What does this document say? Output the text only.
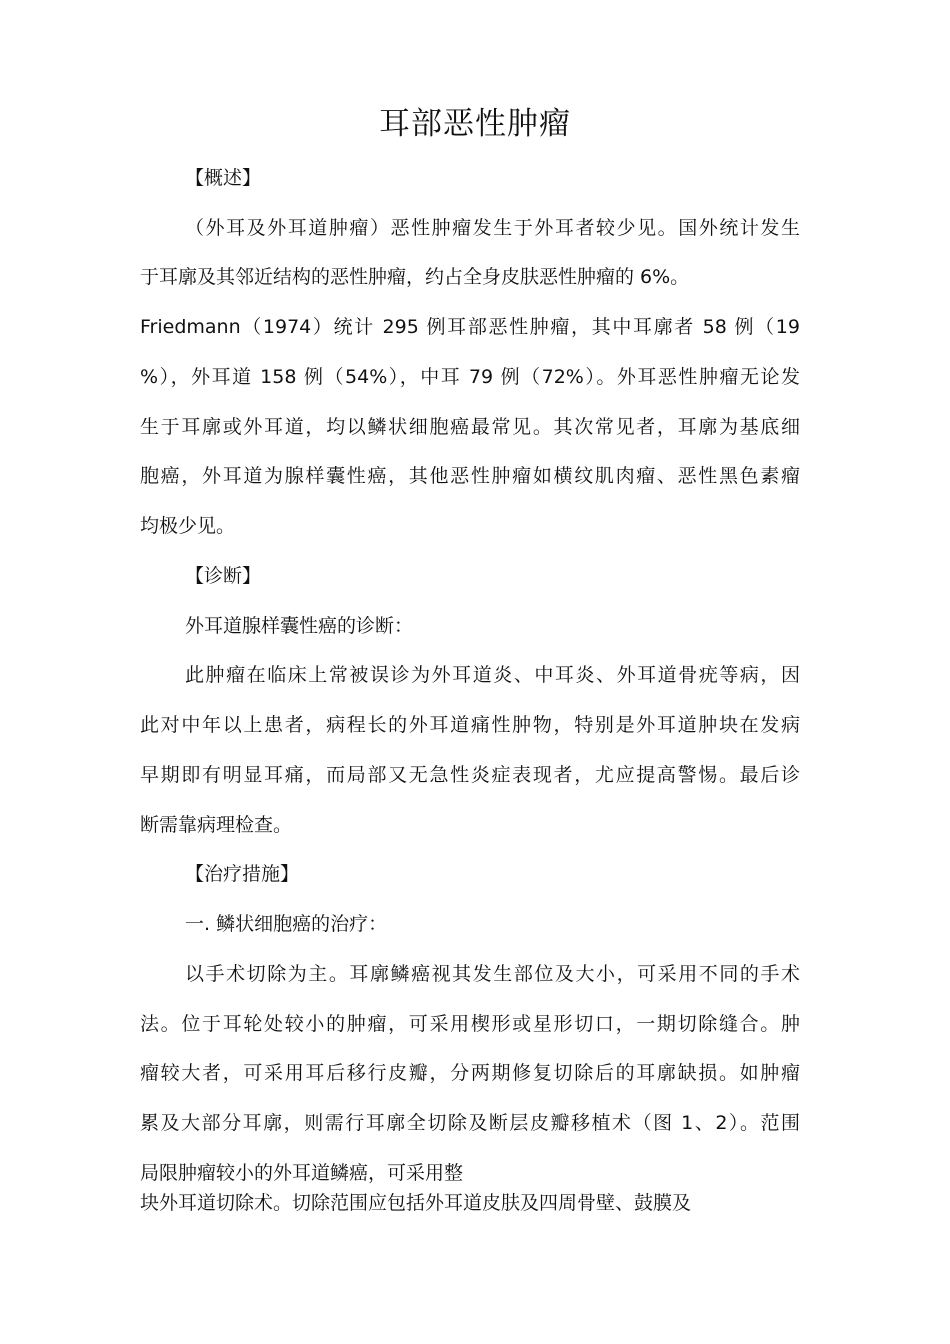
耳部恶性肿瘤
【概述】
（外耳及外耳道肿瘤）恶性肿瘤发生于外耳者较少见。国外统计发生
于耳廓及其邻近结构的恶性肿瘤，约占全身皮肤恶性肿瘤的 6%。
Friedmann（1974）统计 295 例耳部恶性肿瘤，其中耳廓者 58 例（19
%），外耳道 158 例（54%），中耳 79 例（72%）。外耳恶性肿瘤无论发
生于耳廓或外耳道，均以鳞状细胞癌最常见。其次常见者，耳廓为基底细
胞癌，外耳道为腺样囊性癌，其他恶性肿瘤如横纹肌肉瘤、恶性黑色素瘤
均极少见。
【诊断】
外耳道腺样囊性癌的诊断：
此肿瘤在临床上常被误诊为外耳道炎、中耳炎、外耳道骨疣等病，因
此对中年以上患者，病程长的外耳道痛性肿物，特别是外耳道肿块在发病
早期即有明显耳痛，而局部又无急性炎症表现者，尤应提高警惕。最后诊
断需靠病理检查。
【治疗措施】
一. 鳞状细胞癌的治疗：
以手术切除为主。耳廓鳞癌视其发生部位及大小，可采用不同的手术
法。位于耳轮处较小的肿瘤，可采用楔形或星形切口，一期切除缝合。肿
瘤较大者，可采用耳后移行皮瓣，分两期修复切除后的耳廓缺损。如肿瘤
累及大部分耳廓，则需行耳廓全切除及断层皮瓣移植术（图 1、2）。范围
局限肿瘤较小的外耳道鳞癌，可采用整
块外耳道切除术。切除范围应包括外耳道皮肤及四周骨壁、鼓膜及
